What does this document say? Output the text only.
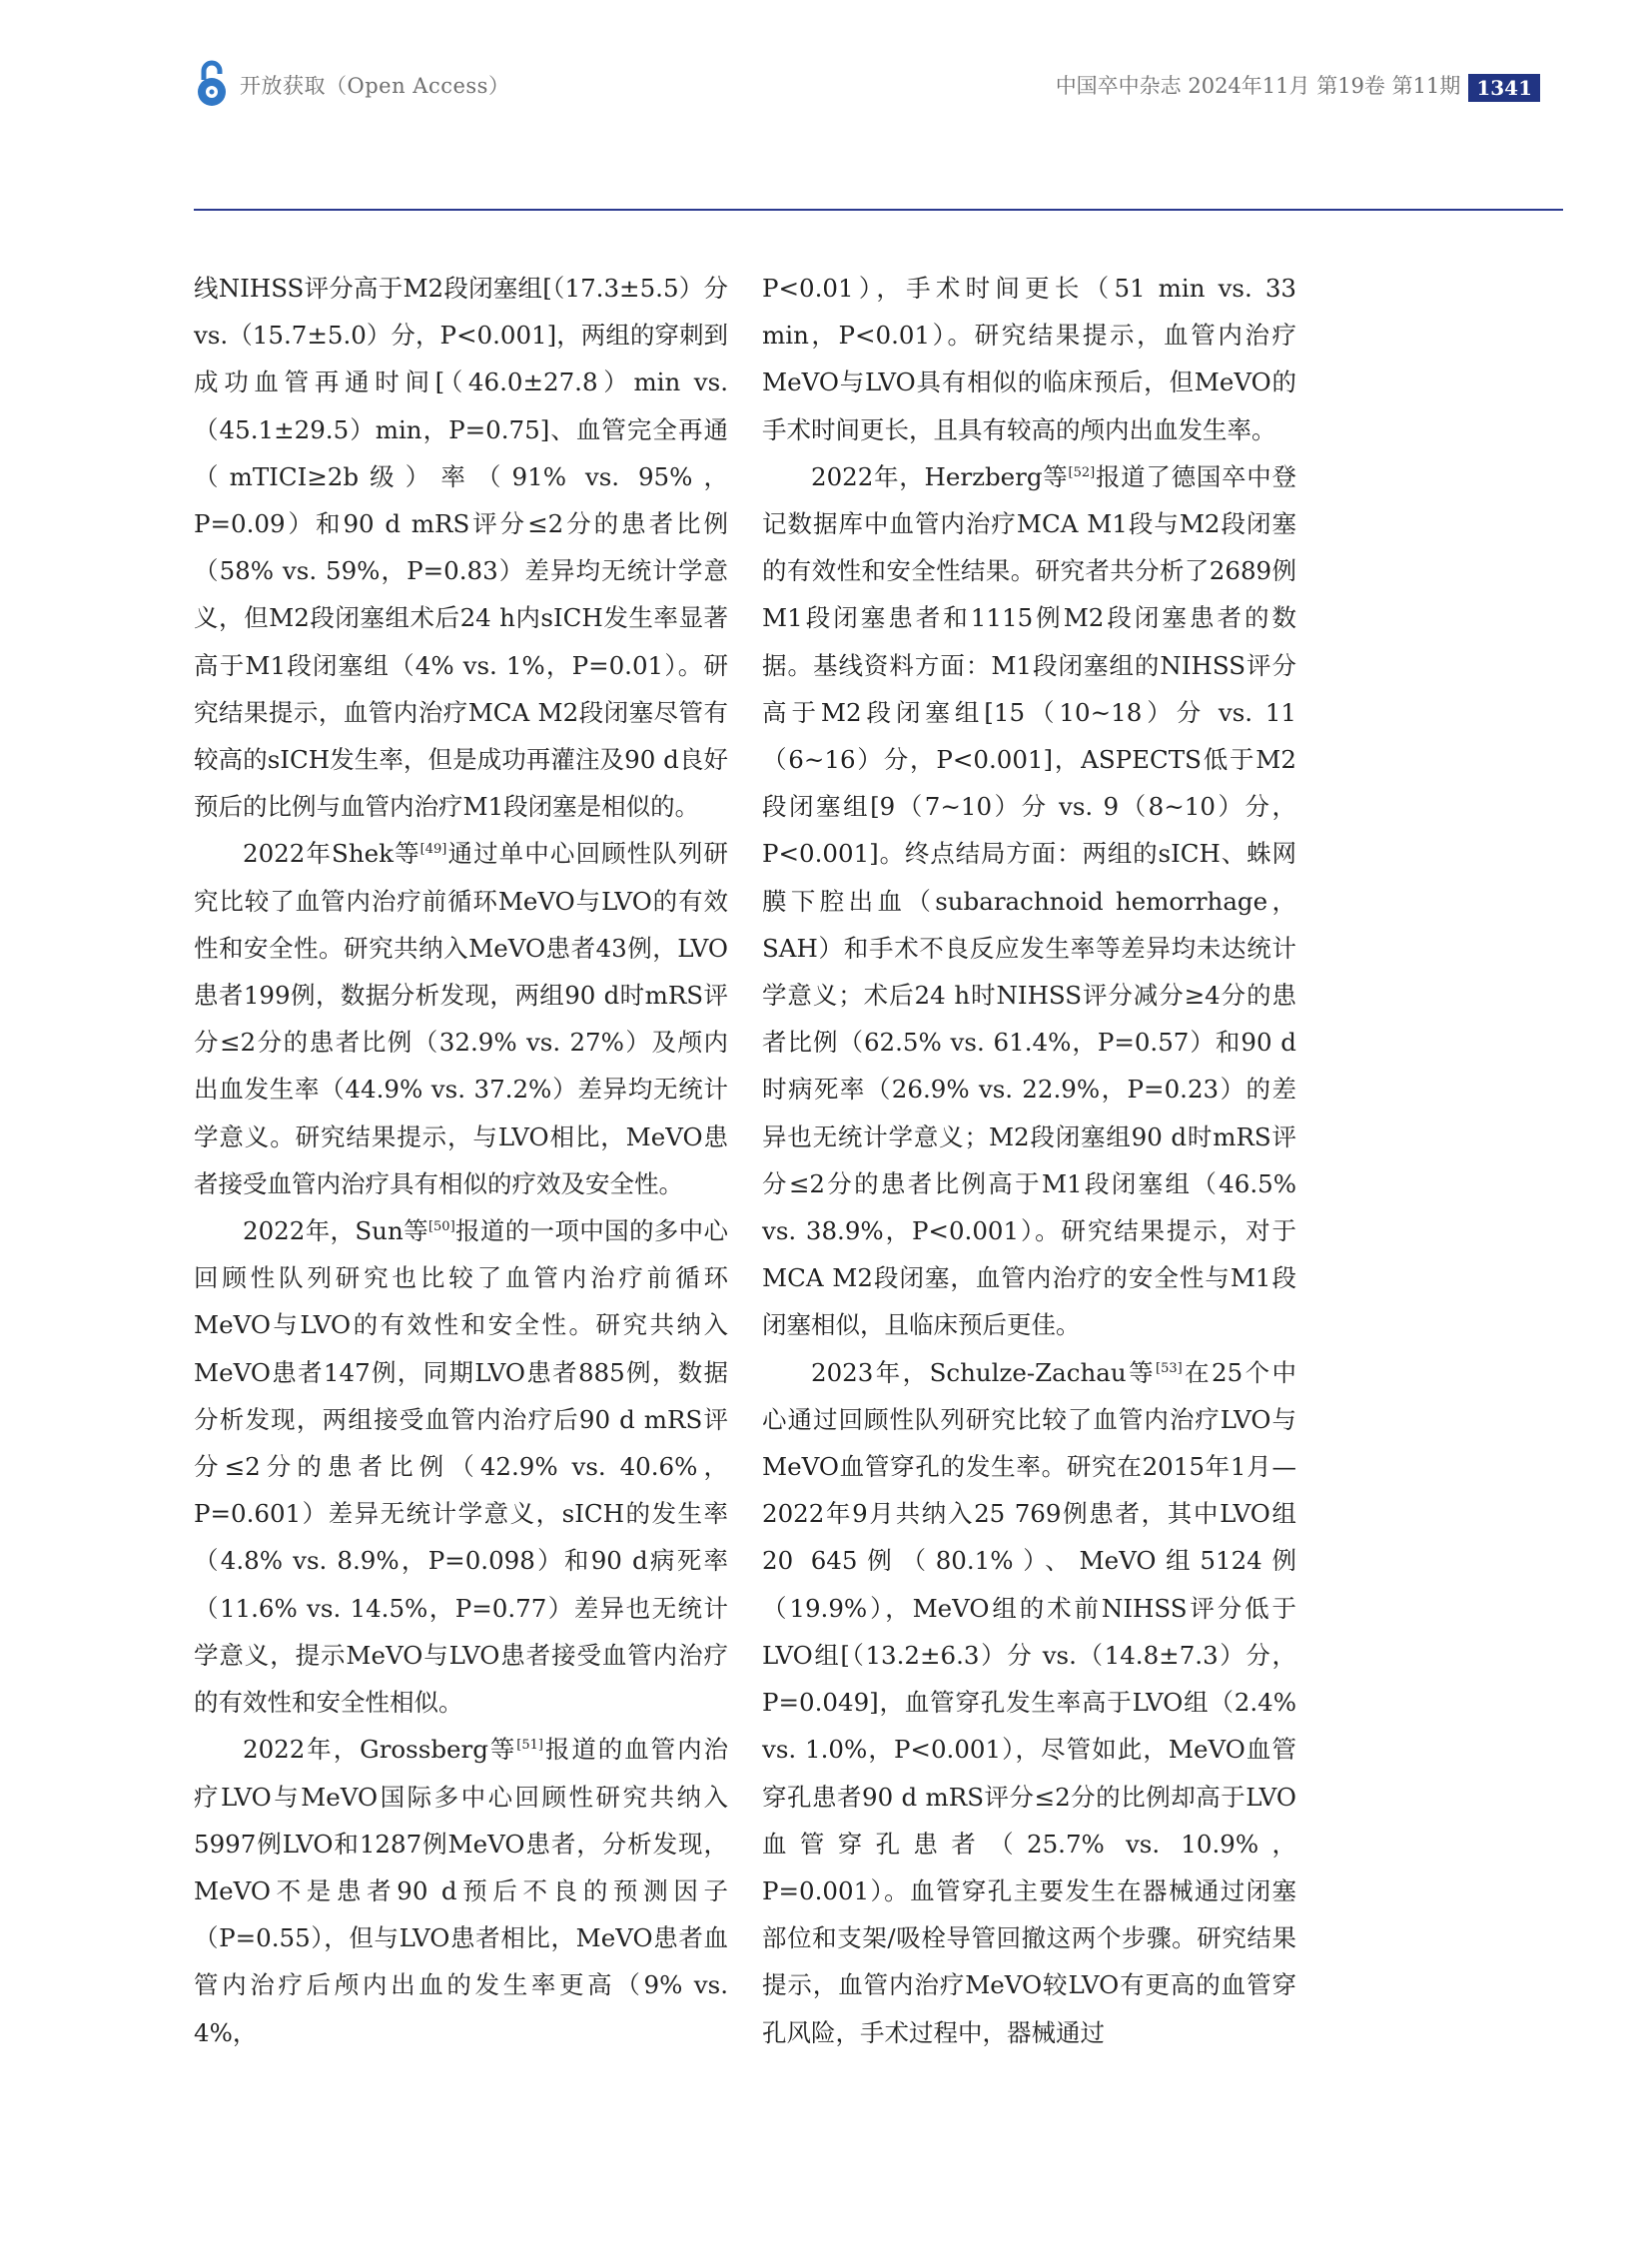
开放获取（Open Access）	中国卒中杂志 2024年11月 第19卷 第11期 1341

线NIHSS评分高于M2段闭塞组[（17.3±5.5）分 vs.（15.7±5.0）分，P<0.001]，两组的穿刺到成功血管再通时间[（46.0±27.8）min vs.（45.1±29.5）min，P=0.75]、血管完全再通（mTICI≥2b级）率（91% vs. 95%，P=0.09）和90 d mRS评分≤2分的患者比例（58% vs. 59%，P=0.83）差异均无统计学意义，但M2段闭塞组术后24 h内sICH发生率显著高于M1段闭塞组（4% vs. 1%，P=0.01）。研究结果提示，血管内治疗MCA M2段闭塞尽管有较高的sICH发生率，但是成功再灌注及90 d良好预后的比例与血管内治疗M1段闭塞是相似的。

2022年Shek等[49]通过单中心回顾性队列研究比较了血管内治疗前循环MeVO与LVO的有效性和安全性。研究共纳入MeVO患者43例，LVO患者199例，数据分析发现，两组90 d时mRS评分≤2分的患者比例（32.9% vs. 27%）及颅内出血发生率（44.9% vs. 37.2%）差异均无统计学意义。研究结果提示，与LVO相比，MeVO患者接受血管内治疗具有相似的疗效及安全性。

2022年，Sun等[50]报道的一项中国的多中心回顾性队列研究也比较了血管内治疗前循环MeVO与LVO的有效性和安全性。研究共纳入MeVO患者147例，同期LVO患者885例，数据分析发现，两组接受血管内治疗后90 d mRS评分≤2分的患者比例（42.9% vs. 40.6%，P=0.601）差异无统计学意义，sICH的发生率（4.8% vs. 8.9%，P=0.098）和90 d病死率（11.6% vs. 14.5%，P=0.77）差异也无统计学意义，提示MeVO与LVO患者接受血管内治疗的有效性和安全性相似。

2022年，Grossberg等[51]报道的血管内治疗LVO与MeVO国际多中心回顾性研究共纳入5997例LVO和1287例MeVO患者，分析发现，MeVO不是患者90 d预后不良的预测因子（P=0.55），但与LVO患者相比，MeVO患者血管内治疗后颅内出血的发生率更高（9% vs. 4%，

P<0.01），手术时间更长（51 min vs. 33 min，P<0.01）。研究结果提示，血管内治疗MeVO与LVO具有相似的临床预后，但MeVO的手术时间更长，且具有较高的颅内出血发生率。

2022年，Herzberg等[52]报道了德国卒中登记数据库中血管内治疗MCA M1段与M2段闭塞的有效性和安全性结果。研究者共分析了2689例M1段闭塞患者和1115例M2段闭塞患者的数据。基线资料方面：M1段闭塞组的NIHSS评分高于M2段闭塞组[15（10~18）分 vs. 11（6~16）分，P<0.001]，ASPECTS低于M2段闭塞组[9（7~10）分 vs. 9（8~10）分，P<0.001]。终点结局方面：两组的sICH、蛛网膜下腔出血（subarachnoid hemorrhage，SAH）和手术不良反应发生率等差异均未达统计学意义；术后24 h时NIHSS评分减分≥4分的患者比例（62.5% vs. 61.4%，P=0.57）和90 d时病死率（26.9% vs. 22.9%，P=0.23）的差异也无统计学意义；M2段闭塞组90 d时mRS评分≤2分的患者比例高于M1段闭塞组（46.5% vs. 38.9%，P<0.001）。研究结果提示，对于MCA M2段闭塞，血管内治疗的安全性与M1段闭塞相似，且临床预后更佳。

2023年，Schulze-Zachau等[53]在25个中心通过回顾性队列研究比较了血管内治疗LVO与MeVO血管穿孔的发生率。研究在2015年1月—2022年9月共纳入25 769例患者，其中LVO组20 645例（80.1%）、MeVO组5124例（19.9%），MeVO组的术前NIHSS评分低于LVO组[（13.2±6.3）分 vs.（14.8±7.3）分，P=0.049]，血管穿孔发生率高于LVO组（2.4% vs. 1.0%，P<0.001），尽管如此，MeVO血管穿孔患者90 d mRS评分≤2分的比例却高于LVO血管穿孔患者（25.7% vs. 10.9%，P=0.001）。血管穿孔主要发生在器械通过闭塞部位和支架/吸栓导管回撤这两个步骤。研究结果提示，血管内治疗MeVO较LVO有更高的血管穿孔风险，手术过程中，器械通过
